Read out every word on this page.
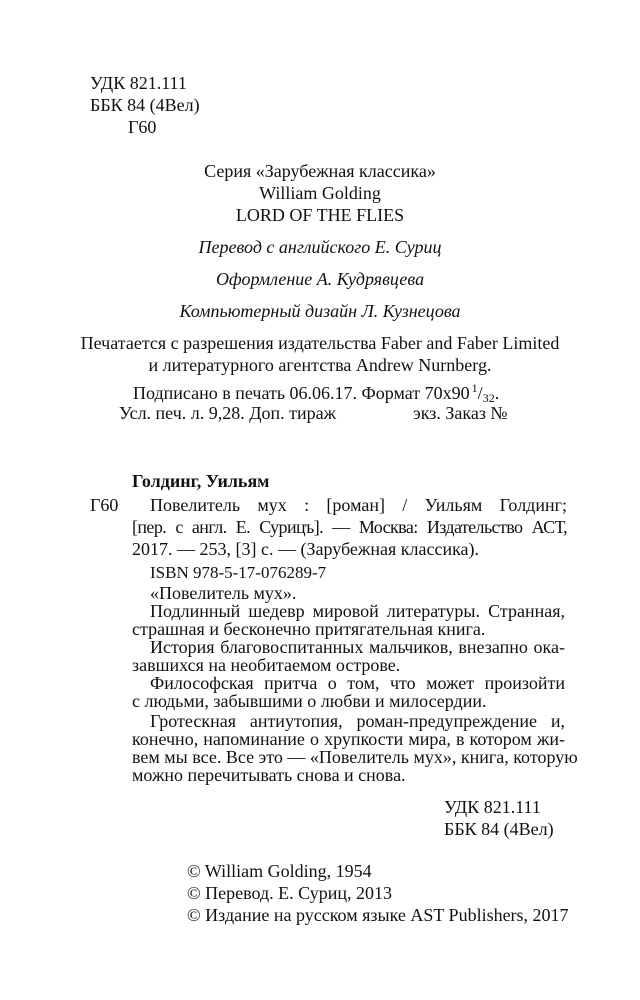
УДК 821.111
ББК 84 (4Вел)
Г60
Серия «Зарубежная классика»
William Golding
LORD OF THE FLIES
Перевод с английского Е. Суриц
Оформление А. Кудрявцева
Компьютерный дизайн Л. Кузнецова
Печатается с разрешения издательства Faber and Faber Limited
и литературного агентства Andrew Nurnberg.
Подписано в печать 06.06.17. Формат 70x90 $^1/_{32}$.
Усл. печ. л. 9,28. Доп. тираж	экз. Заказ №
Голдинг, Уильям
Г60 Повелитель мух : [роман] / Уильям Голдинг;
[пер. с англ. Е. Сурицъ]. — Москва: Издательство АСТ,
2017. — 253, [3] с. — (Зарубежная классика).
ISBN 978-5-17-076289-7
«Повелитель мух».
Подлинный шедевр мировой литературы. Странная,
страшная и бесконечно притягательная книга.
История благовоспитанных мальчиков, внезапно ока-
завшихся на необитаемом острове.
Философская притча о том, что может произойти
с людьми, забывшими о любви и милосердии.
Гротескная антиутопия, роман-предупреждение и,
конечно, напоминание о хрупкости мира, в котором жи-
вем мы все. Все это — «Повелитель мух», книга, которую
можно перечитывать снова и снова.
УДК 821.111
ББК 84 (4Вел)
© William Golding, 1954
© Перевод. Е. Суриц, 2013
© Издание на русском языке AST Publishers, 2017
